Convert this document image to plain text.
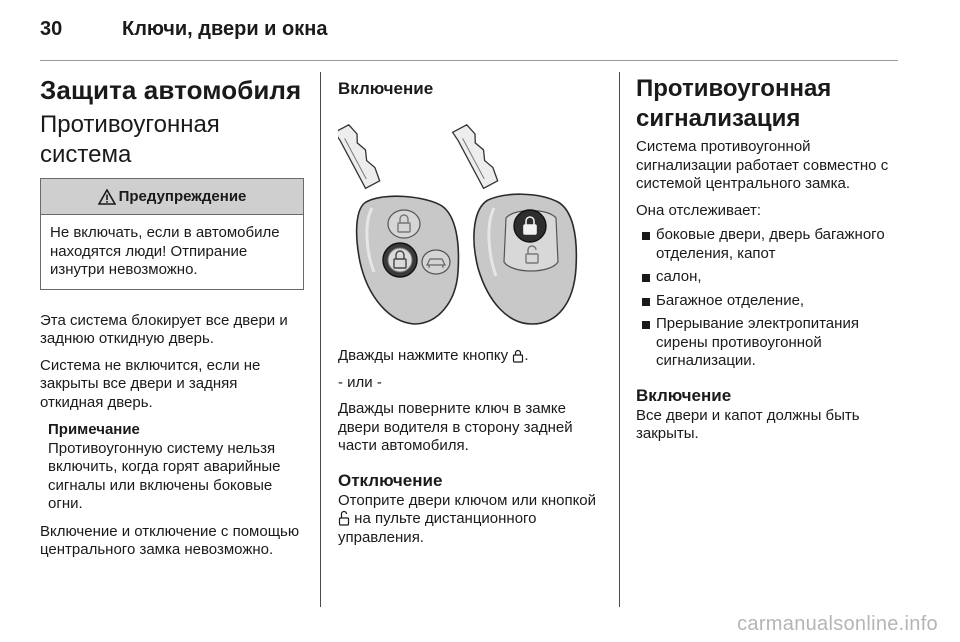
30	Ключи, двери и окна
Защита автомобиля
Противоугонная система
Предупреждение
Не включать, если в автомобиле находятся люди! Отпирание изнутри невозможно.

Эта система блокирует все двери и заднюю откидную дверь.

Система не включится, если не закрыты все двери и задняя откидная дверь.

Примечание
Противоугонную систему нельзя включить, когда горят аварийные сигналы или включены боковые огни.

Включение и отключение с помощью центрального замка невозможно.

Включение

Дважды нажмите кнопку .

- или -

Дважды поверните ключ в замке двери водителя в сторону задней части автомобиля.

Отключение

Отоприте двери ключом или кнопкой  на пульте дистанционного управления.

Противоугонная сигнализация

Система противоугонной сигнализации работает совместно с системой центрального замка.

Она отслеживает:

боковые двери, дверь багажного отделения, капот
салон,
Багажное отделение,
Прерывание электропитания сирены противоугонной сигнализации.
Включение

Все двери и капот должны быть закрыты.

carmanualsonline.info
